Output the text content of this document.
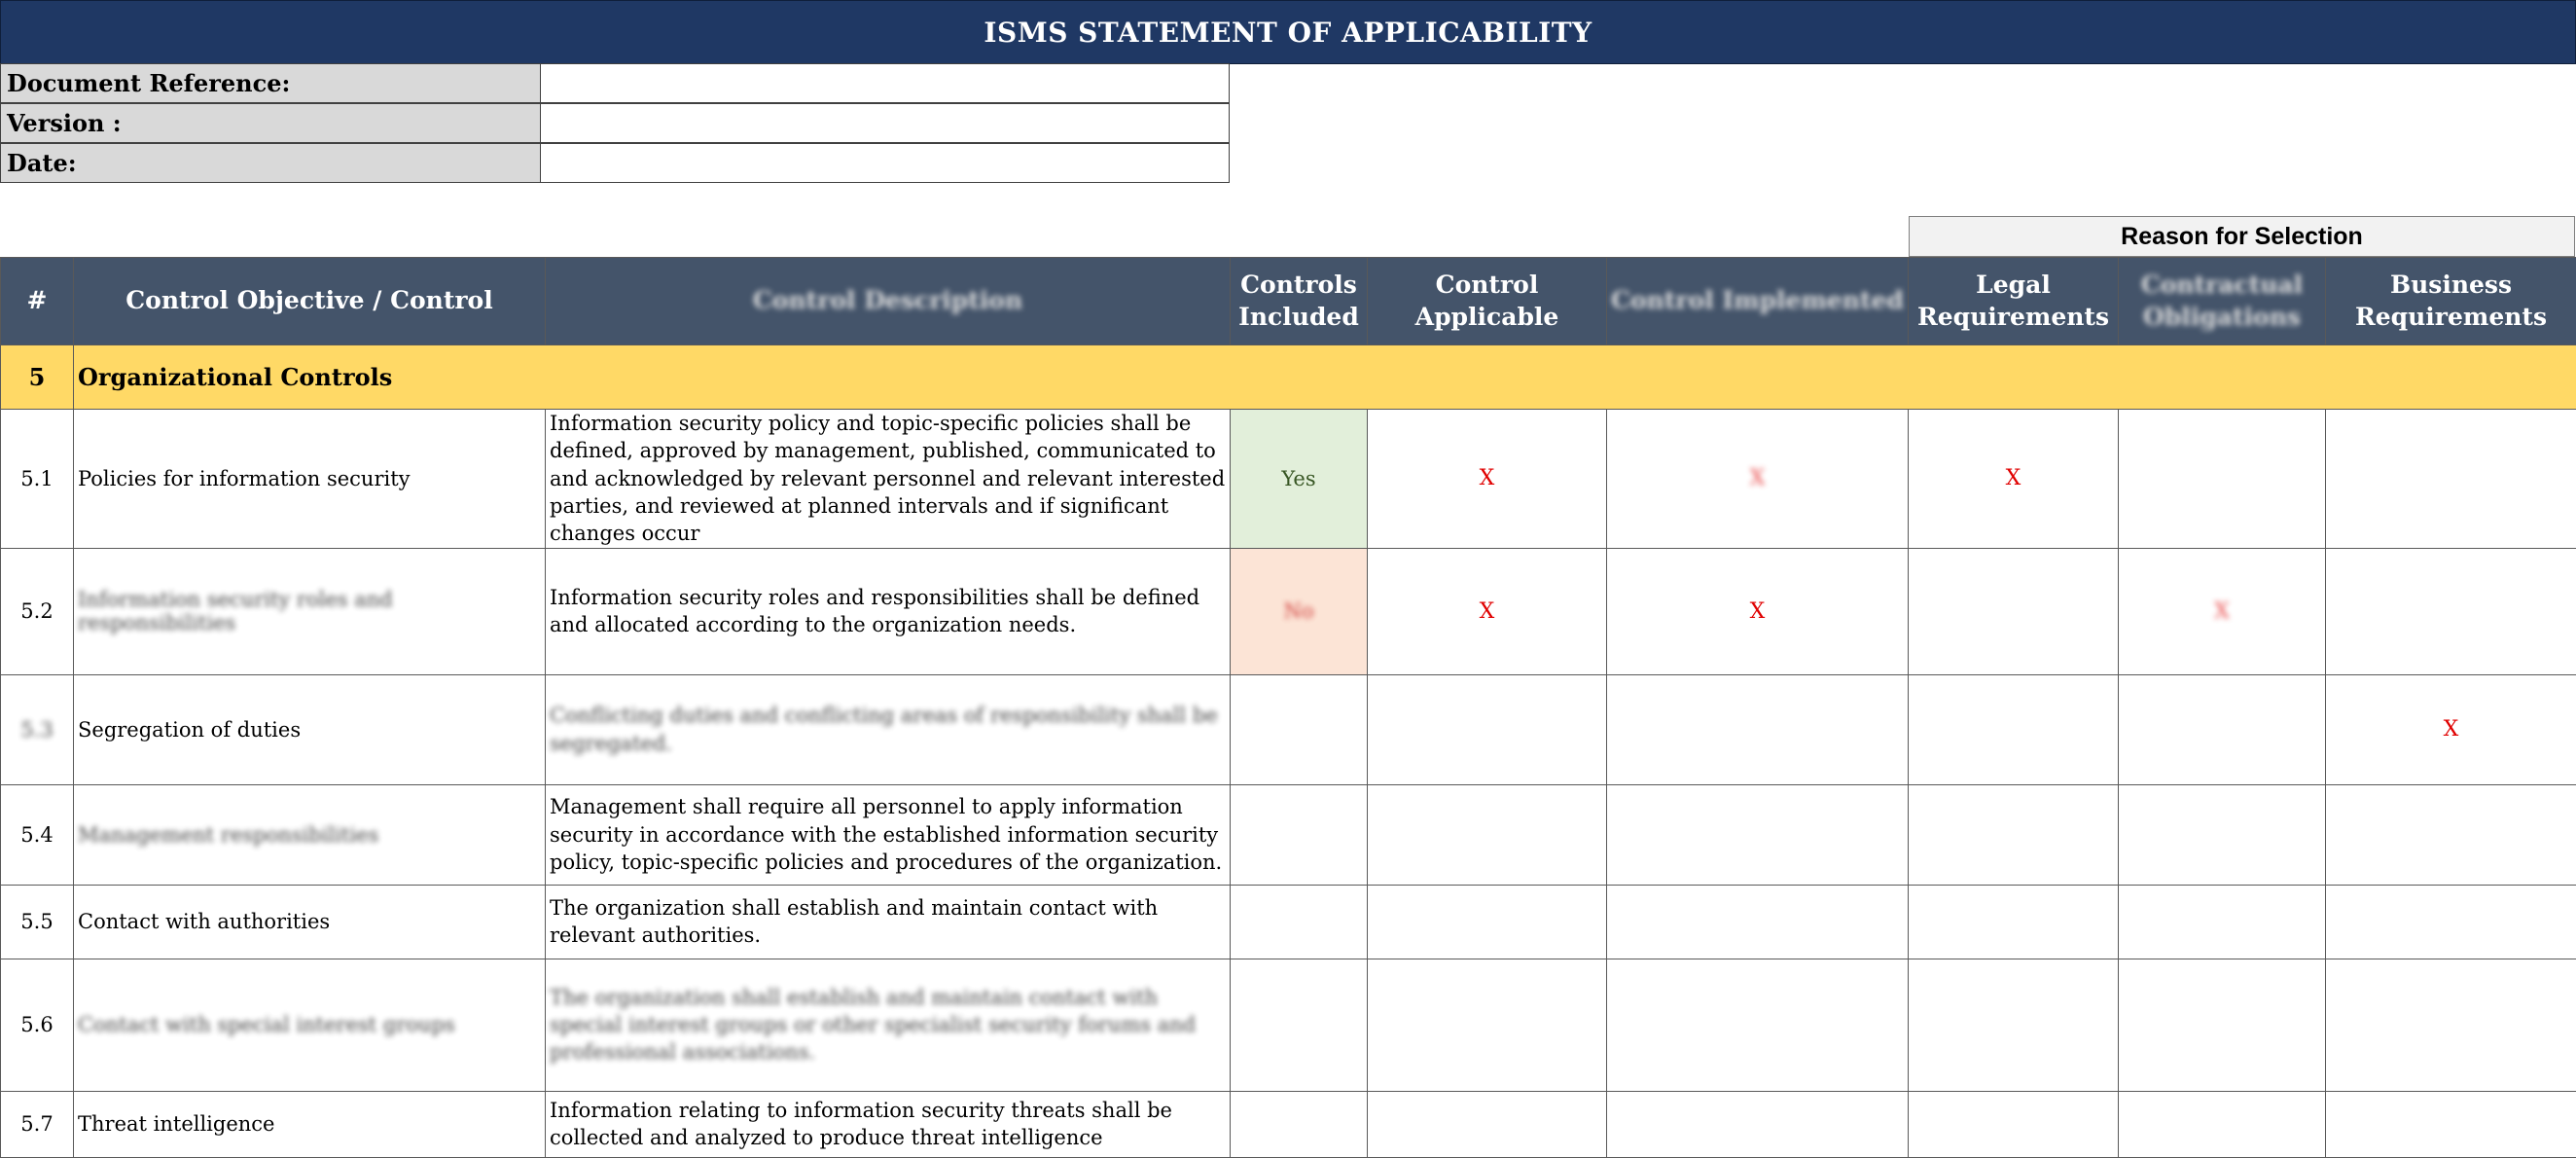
ISMS STATEMENT OF APPLICABILITY
Document Reference:
Version :
Date:
Reason for Selection
#	Control Objective / Control	Control Description	Controls Included	Control Applicable	Control Implemented	Legal Requirements	Contractual Obligations	Business Requirements
5	Organizational Controls							
5.1	Policies for information security	Information security policy and topic-specific policies shall be defined, approved by management, published, communicated to and acknowledged by relevant personnel and relevant interested parties, and reviewed at planned intervals and if significant changes occur	Yes	X	X	X		
5.2	Information security roles and responsibilities	Information security roles and responsibilities shall be defined and allocated according to the organization needs.	No	X	X		X	
5.3	Segregation of duties	Conflicting duties and conflicting areas of responsibility shall be segregated.						X
5.4	Management responsibilities	Management shall require all personnel to apply information security in accordance with the established information security policy, topic-specific policies and procedures of the organization.						
5.5	Contact with authorities	The organization shall establish and maintain contact with relevant authorities.						
5.6	Contact with special interest groups	The organization shall establish and maintain contact with special interest groups or other specialist security forums and professional associations.						
5.7	Threat intelligence	Information relating to information security threats shall be collected and analyzed to produce threat intelligence						
